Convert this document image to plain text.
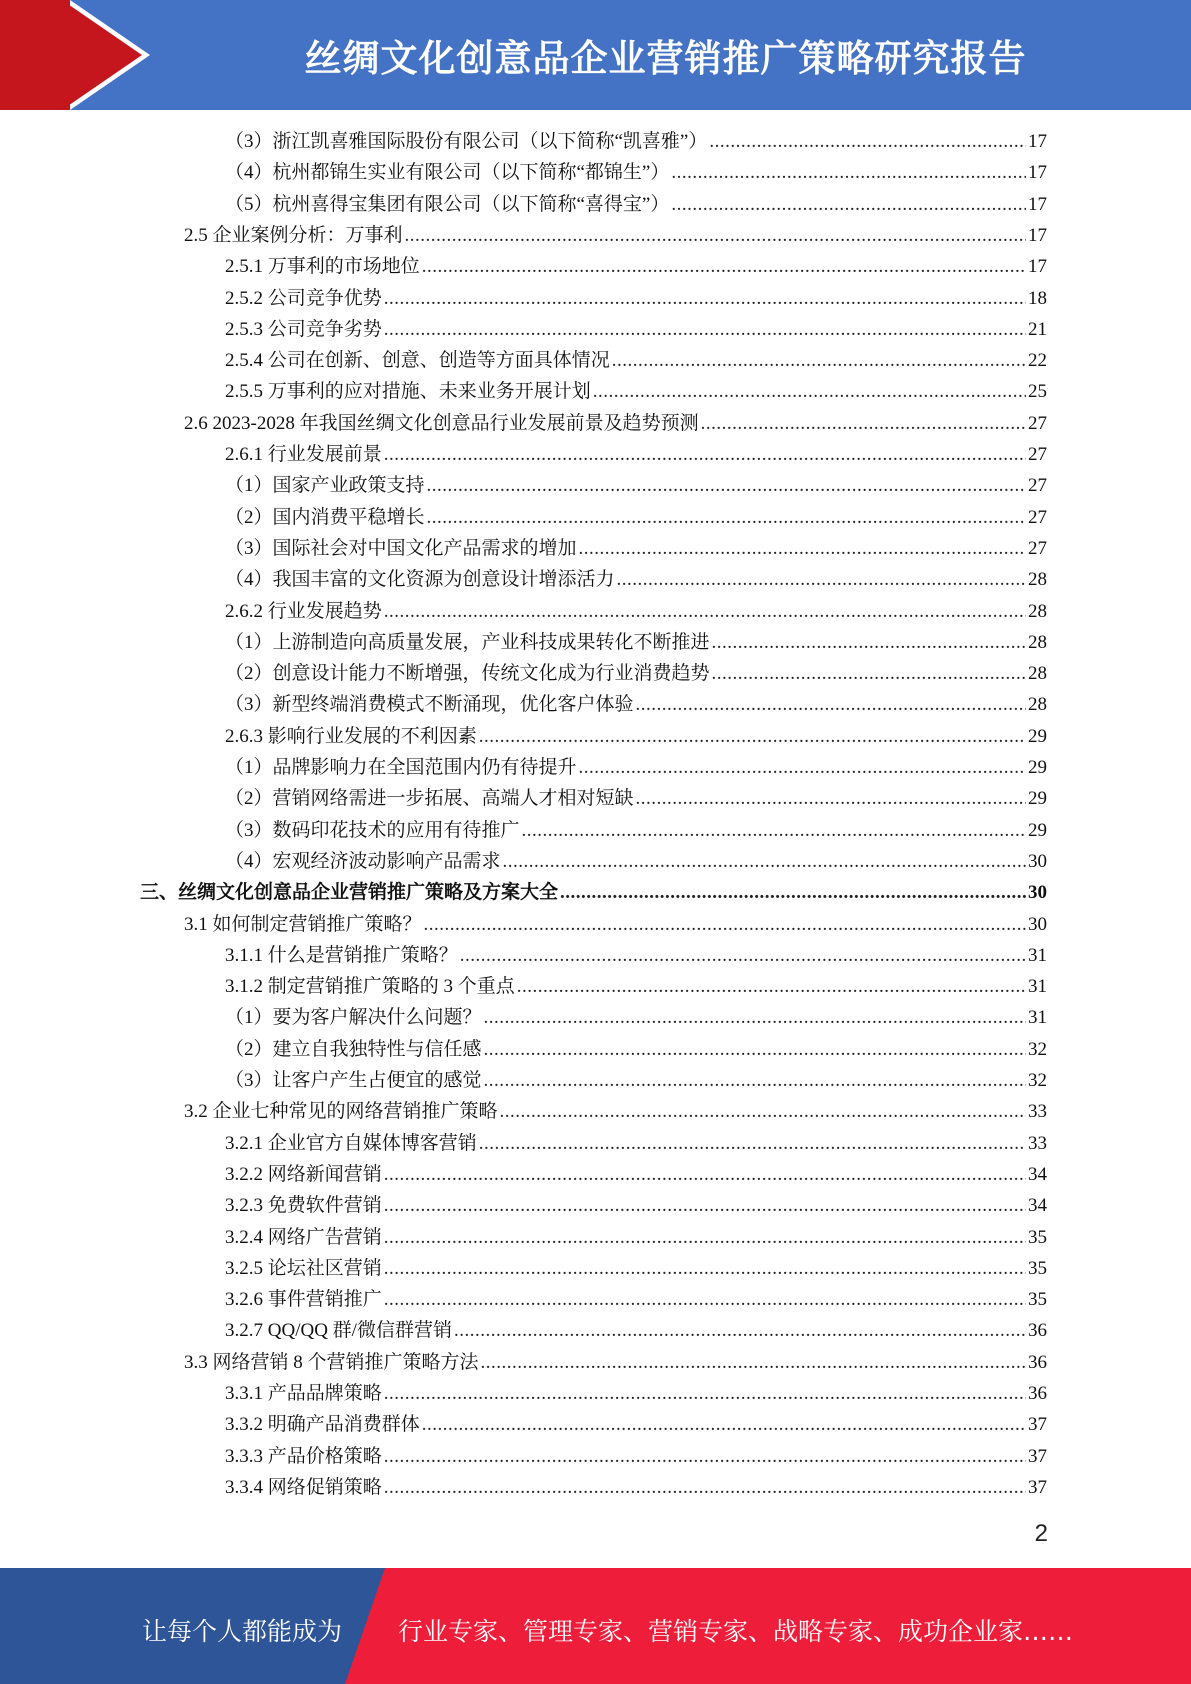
丝绸文化创意品企业营销推广策略研究报告
（3）浙江凯喜雅国际股份有限公司（以下简称“凯喜雅”） .....	17
（4）杭州都锦生实业有限公司（以下简称“都锦生”） .....	17
（5）杭州喜得宝集团有限公司（以下简称“喜得宝”） .....	17
2.5 企业案例分析：万事利 .....	17
2.5.1 万事利的市场地位 .....	17
2.5.2 公司竞争优势 .....	18
2.5.3 公司竞争劣势 .....	21
2.5.4 公司在创新、创意、创造等方面具体情况 .....	22
2.5.5 万事利的应对措施、未来业务开展计划 .....	25
2.6 2023-2028 年我国丝绸文化创意品行业发展前景及趋势预测 .....	27
2.6.1 行业发展前景 .....	27
（1）国家产业政策支持 .....	27
（2）国内消费平稳增长 .....	27
（3）国际社会对中国文化产品需求的增加 .....	27
（4）我国丰富的文化资源为创意设计增添活力 .....	28
2.6.2 行业发展趋势 .....	28
（1）上游制造向高质量发展，产业科技成果转化不断推进 .....	28
（2）创意设计能力不断增强，传统文化成为行业消费趋势 .....	28
（3）新型终端消费模式不断涌现，优化客户体验 .....	28
2.6.3 影响行业发展的不利因素 .....	29
（1）品牌影响力在全国范围内仍有待提升 .....	29
（2）营销网络需进一步拓展、高端人才相对短缺 .....	29
（3）数码印花技术的应用有待推广 .....	29
（4）宏观经济波动影响产品需求 .....	30
三、丝绸文化创意品企业营销推广策略及方案大全 .....	30
3.1 如何制定营销推广策略？ .....	30
3.1.1 什么是营销推广策略？ .....	31
3.1.2 制定营销推广策略的 3 个重点 .....	31
（1）要为客户解决什么问题？ .....	31
（2）建立自我独特性与信任感 .....	32
（3）让客户产生占便宜的感觉 .....	32
3.2 企业七种常见的网络营销推广策略 .....	33
3.2.1 企业官方自媒体博客营销 .....	33
3.2.2 网络新闻营销 .....	34
3.2.3 免费软件营销 .....	34
3.2.4 网络广告营销 .....	35
3.2.5 论坛社区营销 .....	35
3.2.6 事件营销推广 .....	35
3.2.7 QQ/QQ 群/微信群营销 .....	36
3.3 网络营销 8 个营销推广策略方法 .....	36
3.3.1 产品品牌策略 .....	36
3.3.2 明确产品消费群体 .....	37
3.3.3 产品价格策略 .....	37
3.3.4 网络促销策略 .....	37
2
让每个人都能成为 行业专家、管理专家、营销专家、战略专家、成功企业家……
